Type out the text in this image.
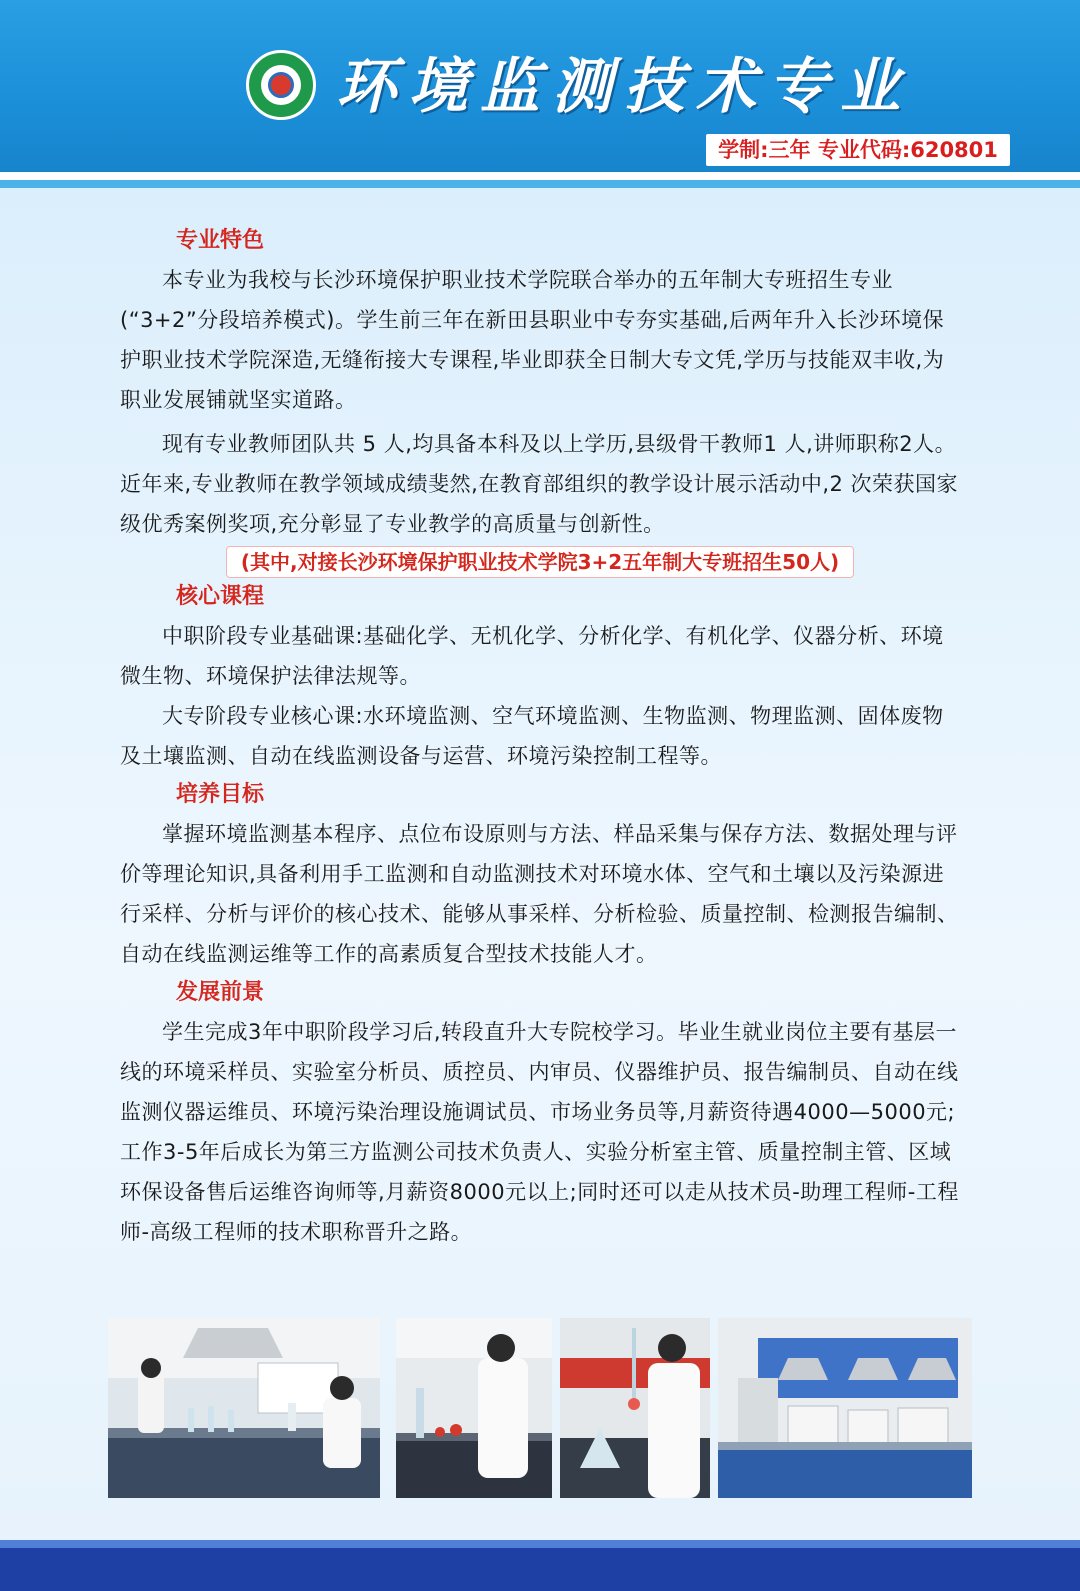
环境监测技术专业
学制:三年 专业代码:620801
专业特色

本专业为我校与长沙环境保护职业技术学院联合举办的五年制大专班招生专业(“3+2”分段培养模式)。学生前三年在新田县职业中专夯实基础,后两年升入长沙环境保护职业技术学院深造,无缝衔接大专课程,毕业即获全日制大专文凭,学历与技能双丰收,为职业发展铺就坚实道路。

现有专业教师团队共 5 人,均具备本科及以上学历,县级骨干教师1 人,讲师职称2人。近年来,专业教师在教学领域成绩斐然,在教育部组织的教学设计展示活动中,2 次荣获国家级优秀案例奖项,充分彰显了专业教学的高质量与创新性。

(其中,对接长沙环境保护职业技术学院3+2五年制大专班招生50人)
核心课程

中职阶段专业基础课:基础化学、无机化学、分析化学、有机化学、仪器分析、环境微生物、环境保护法律法规等。

大专阶段专业核心课:水环境监测、空气环境监测、生物监测、物理监测、固体废物及土壤监测、自动在线监测设备与运营、环境污染控制工程等。

培养目标

掌握环境监测基本程序、点位布设原则与方法、样品采集与保存方法、数据处理与评价等理论知识,具备利用手工监测和自动监测技术对环境水体、空气和土壤以及污染源进行采样、分析与评价的核心技术、能够从事采样、分析检验、质量控制、检测报告编制、自动在线监测运维等工作的高素质复合型技术技能人才。

发展前景

学生完成3年中职阶段学习后,转段直升大专院校学习。毕业生就业岗位主要有基层一线的环境采样员、实验室分析员、质控员、内审员、仪器维护员、报告编制员、自动在线监测仪器运维员、环境污染治理设施调试员、市场业务员等,月薪资待遇4000—5000元;工作3-5年后成长为第三方监测公司技术负责人、实验分析室主管、质量控制主管、区域环保设备售后运维咨询师等,月薪资8000元以上;同时还可以走从技术员-助理工程师-工程师-高级工程师的技术职称晋升之路。
